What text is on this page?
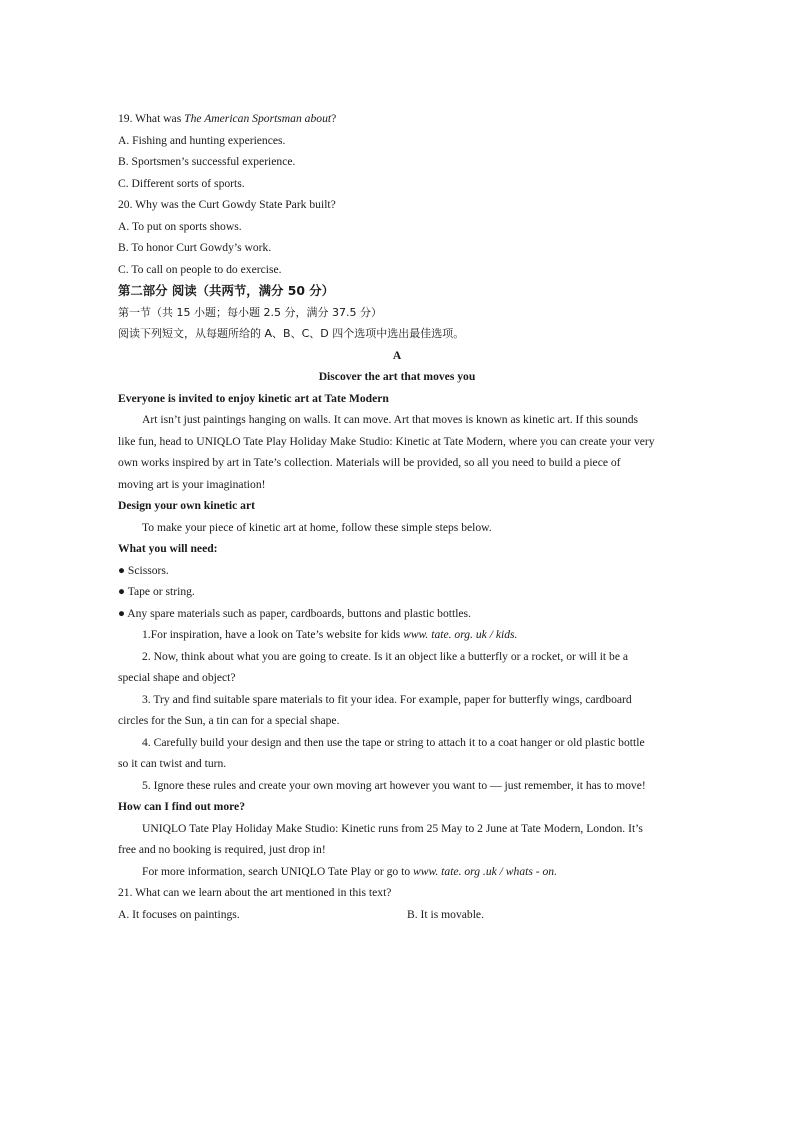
19. What was The American Sportsman about?
A. Fishing and hunting experiences.
B. Sportsmen’s successful experience.
C. Different sorts of sports.
20. Why was the Curt Gowdy State Park built?
A. To put on sports shows.
B. To honor Curt Gowdy’s work.
C. To call on people to do exercise.
第二部分 阅读（共两节，满分 50 分）
第一节（共 15 小题；每小题 2.5 分，满分 37.5 分）
阅读下列短文，从每题所给的 A、B、C、D 四个选项中选出最佳选项。
A
Discover the art that moves you
Everyone is invited to enjoy kinetic art at Tate Modern
Art isn’t just paintings hanging on walls. It can move. Art that moves is known as kinetic art. If this sounds
like fun, head to UNIQLO Tate Play Holiday Make Studio: Kinetic at Tate Modern, where you can create your very
own works inspired by art in Tate’s collection. Materials will be provided, so all you need to build a piece of
moving art is your imagination!
Design your own kinetic art
To make your piece of kinetic art at home, follow these simple steps below.
What you will need:
● Scissors.
● Tape or string.
● Any spare materials such as paper, cardboards, buttons and plastic bottles.
1.For inspiration, have a look on Tate’s website for kids www. tate. org. uk / kids.
2. Now, think about what you are going to create. Is it an object like a butterfly or a rocket, or will it be a
special shape and object?
3. Try and find suitable spare materials to fit your idea. For example, paper for butterfly wings, cardboard
circles for the Sun, a tin can for a special shape.
4. Carefully build your design and then use the tape or string to attach it to a coat hanger or old plastic bottle
so it can twist and turn.
5. Ignore these rules and create your own moving art however you want to — just remember, it has to move!
How can I find out more?
UNIQLO Tate Play Holiday Make Studio: Kinetic runs from 25 May to 2 June at Tate Modern, London. It’s
free and no booking is required, just drop in!
For more information, search UNIQLO Tate Play or go to www. tate. org .uk / whats - on.
21. What can we learn about the art mentioned in this text?
A. It focuses on paintings.	B. It is movable.
